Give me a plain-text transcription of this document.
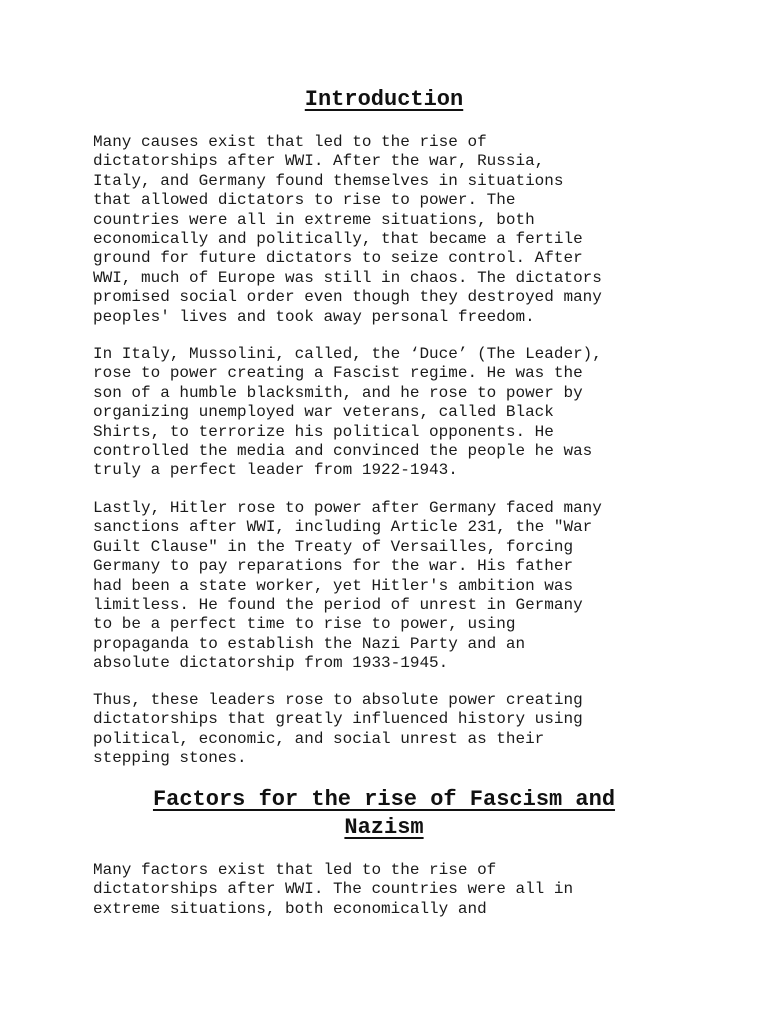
Introduction

Many causes exist that led to the rise of
dictatorships after WWI. After the war, Russia,
Italy, and Germany found themselves in situations
that allowed dictators to rise to power. The
countries were all in extreme situations, both
economically and politically, that became a fertile
ground for future dictators to seize control. After
WWI, much of Europe was still in chaos. The dictators
promised social order even though they destroyed many
peoples' lives and took away personal freedom.

In Italy, Mussolini, called, the ‘Duce’ (The Leader),
rose to power creating a Fascist regime. He was the
son of a humble blacksmith, and he rose to power by
organizing unemployed war veterans, called Black
Shirts, to terrorize his political opponents. He
controlled the media and convinced the people he was
truly a perfect leader from 1922-1943.

Lastly, Hitler rose to power after Germany faced many
sanctions after WWI, including Article 231, the "War
Guilt Clause" in the Treaty of Versailles, forcing
Germany to pay reparations for the war. His father
had been a state worker, yet Hitler's ambition was
limitless. He found the period of unrest in Germany
to be a perfect time to rise to power, using
propaganda to establish the Nazi Party and an
absolute dictatorship from 1933-1945.

Thus, these leaders rose to absolute power creating
dictatorships that greatly influenced history using
political, economic, and social unrest as their
stepping stones.

Factors for the rise of Fascism and
Nazism

Many factors exist that led to the rise of
dictatorships after WWI. The countries were all in
extreme situations, both economically and
